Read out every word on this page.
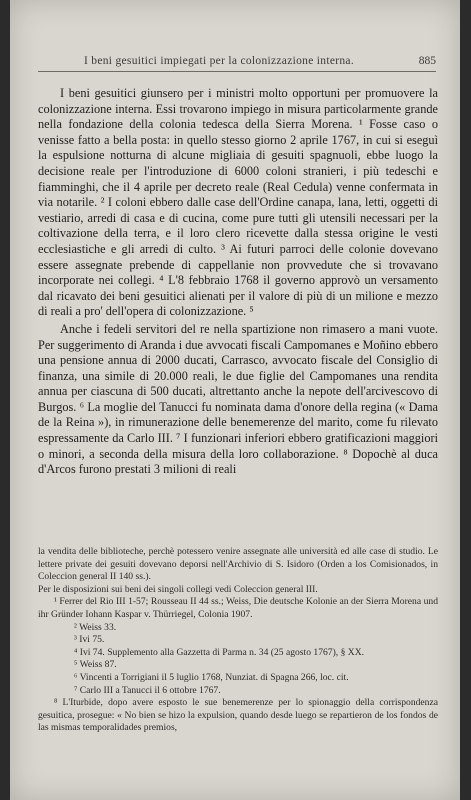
I beni gesuitici impiegati per la colonizzazione interna.	885

I beni gesuitici giunsero per i ministri molto opportuni per promuovere la colonizzazione interna. Essi trovarono impiego in misura particolarmente grande nella fondazione della colonia tedesca della Sierra Morena. ¹ Fosse caso o venisse fatto a bella posta: in quello stesso giorno 2 aprile 1767, in cui si eseguì la espulsione notturna di alcune migliaia di gesuiti spagnuoli, ebbe luogo la decisione reale per l'introduzione di 6000 coloni stranieri, i più tedeschi e fiamminghi, che il 4 aprile per decreto reale (Real Cedula) venne confermata in via notarile. ² I coloni ebbero dalle case dell'Ordine canapa, lana, letti, oggetti di vestiario, arredi di casa e di cucina, come pure tutti gli utensili necessari per la coltivazione della terra, e il loro clero ricevette dalla stessa origine le vesti ecclesiastiche e gli arredi di culto. ³ Ai futuri parroci delle colonie dovevano essere assegnate prebende di cappellanie non provvedute che si trovavano incorporate nei collegi. ⁴ L'8 febbraio 1768 il governo approvò un versamento dal ricavato dei beni gesuitici alienati per il valore di più di un milione e mezzo di reali a pro' dell'opera di colonizzazione. ⁵

Anche i fedeli servitori del re nella spartizione non rimasero a mani vuote. Per suggerimento di Aranda i due avvocati fiscali Campomanes e Moñino ebbero una pensione annua di 2000 ducati, Carrasco, avvocato fiscale del Consiglio di finanza, una simile di 20.000 reali, le due figlie del Campomanes una rendita annua per ciascuna di 500 ducati, altrettanto anche la nepote dell'arcivescovo di Burgos. ⁶ La moglie del Tanucci fu nominata dama d'onore della regina (« Dama de la Reina »), in rimunerazione delle benemerenze del marito, come fu rilevato espressamente da Carlo III. ⁷ I funzionari inferiori ebbero gratificazioni maggiori o minori, a seconda della misura della loro collaborazione. ⁸ Dopochè al duca d'Arcos furono prestati 3 milioni di reali

la vendita delle biblioteche, perchè potessero venire assegnate alle università ed alle case di studio. Le lettere private dei gesuiti dovevano deporsi nell'Archivio di S. Isidoro (Orden a los Comisionados, in Coleccion general II 140 ss.).

Per le disposizioni sui beni dei singoli collegi vedi Coleccion general III.

¹ Ferrer del Rio III 1-57; Rousseau II 44 ss.; Weiss, Die deutsche Kolonie an der Sierra Morena und ihr Gründer Iohann Kaspar v. Thürriegel, Colonia 1907.

² Weiss 33.

³ Ivi 75.

⁴ Ivi 74. Supplemento alla Gazzetta di Parma n. 34 (25 agosto 1767), § XX.

⁵ Weiss 87.

⁶ Vincenti a Torrigiani il 5 luglio 1768, Nunziat. di Spagna 266, loc. cit.

⁷ Carlo III a Tanucci il 6 ottobre 1767.

⁸ L'Iturbide, dopo avere esposto le sue benemerenze per lo spionaggio della corrispondenza gesuitica, prosegue: « No bien se hizo la expulsion, quando desde luego se repartieron de los fondos de las mismas temporalidades premios,
